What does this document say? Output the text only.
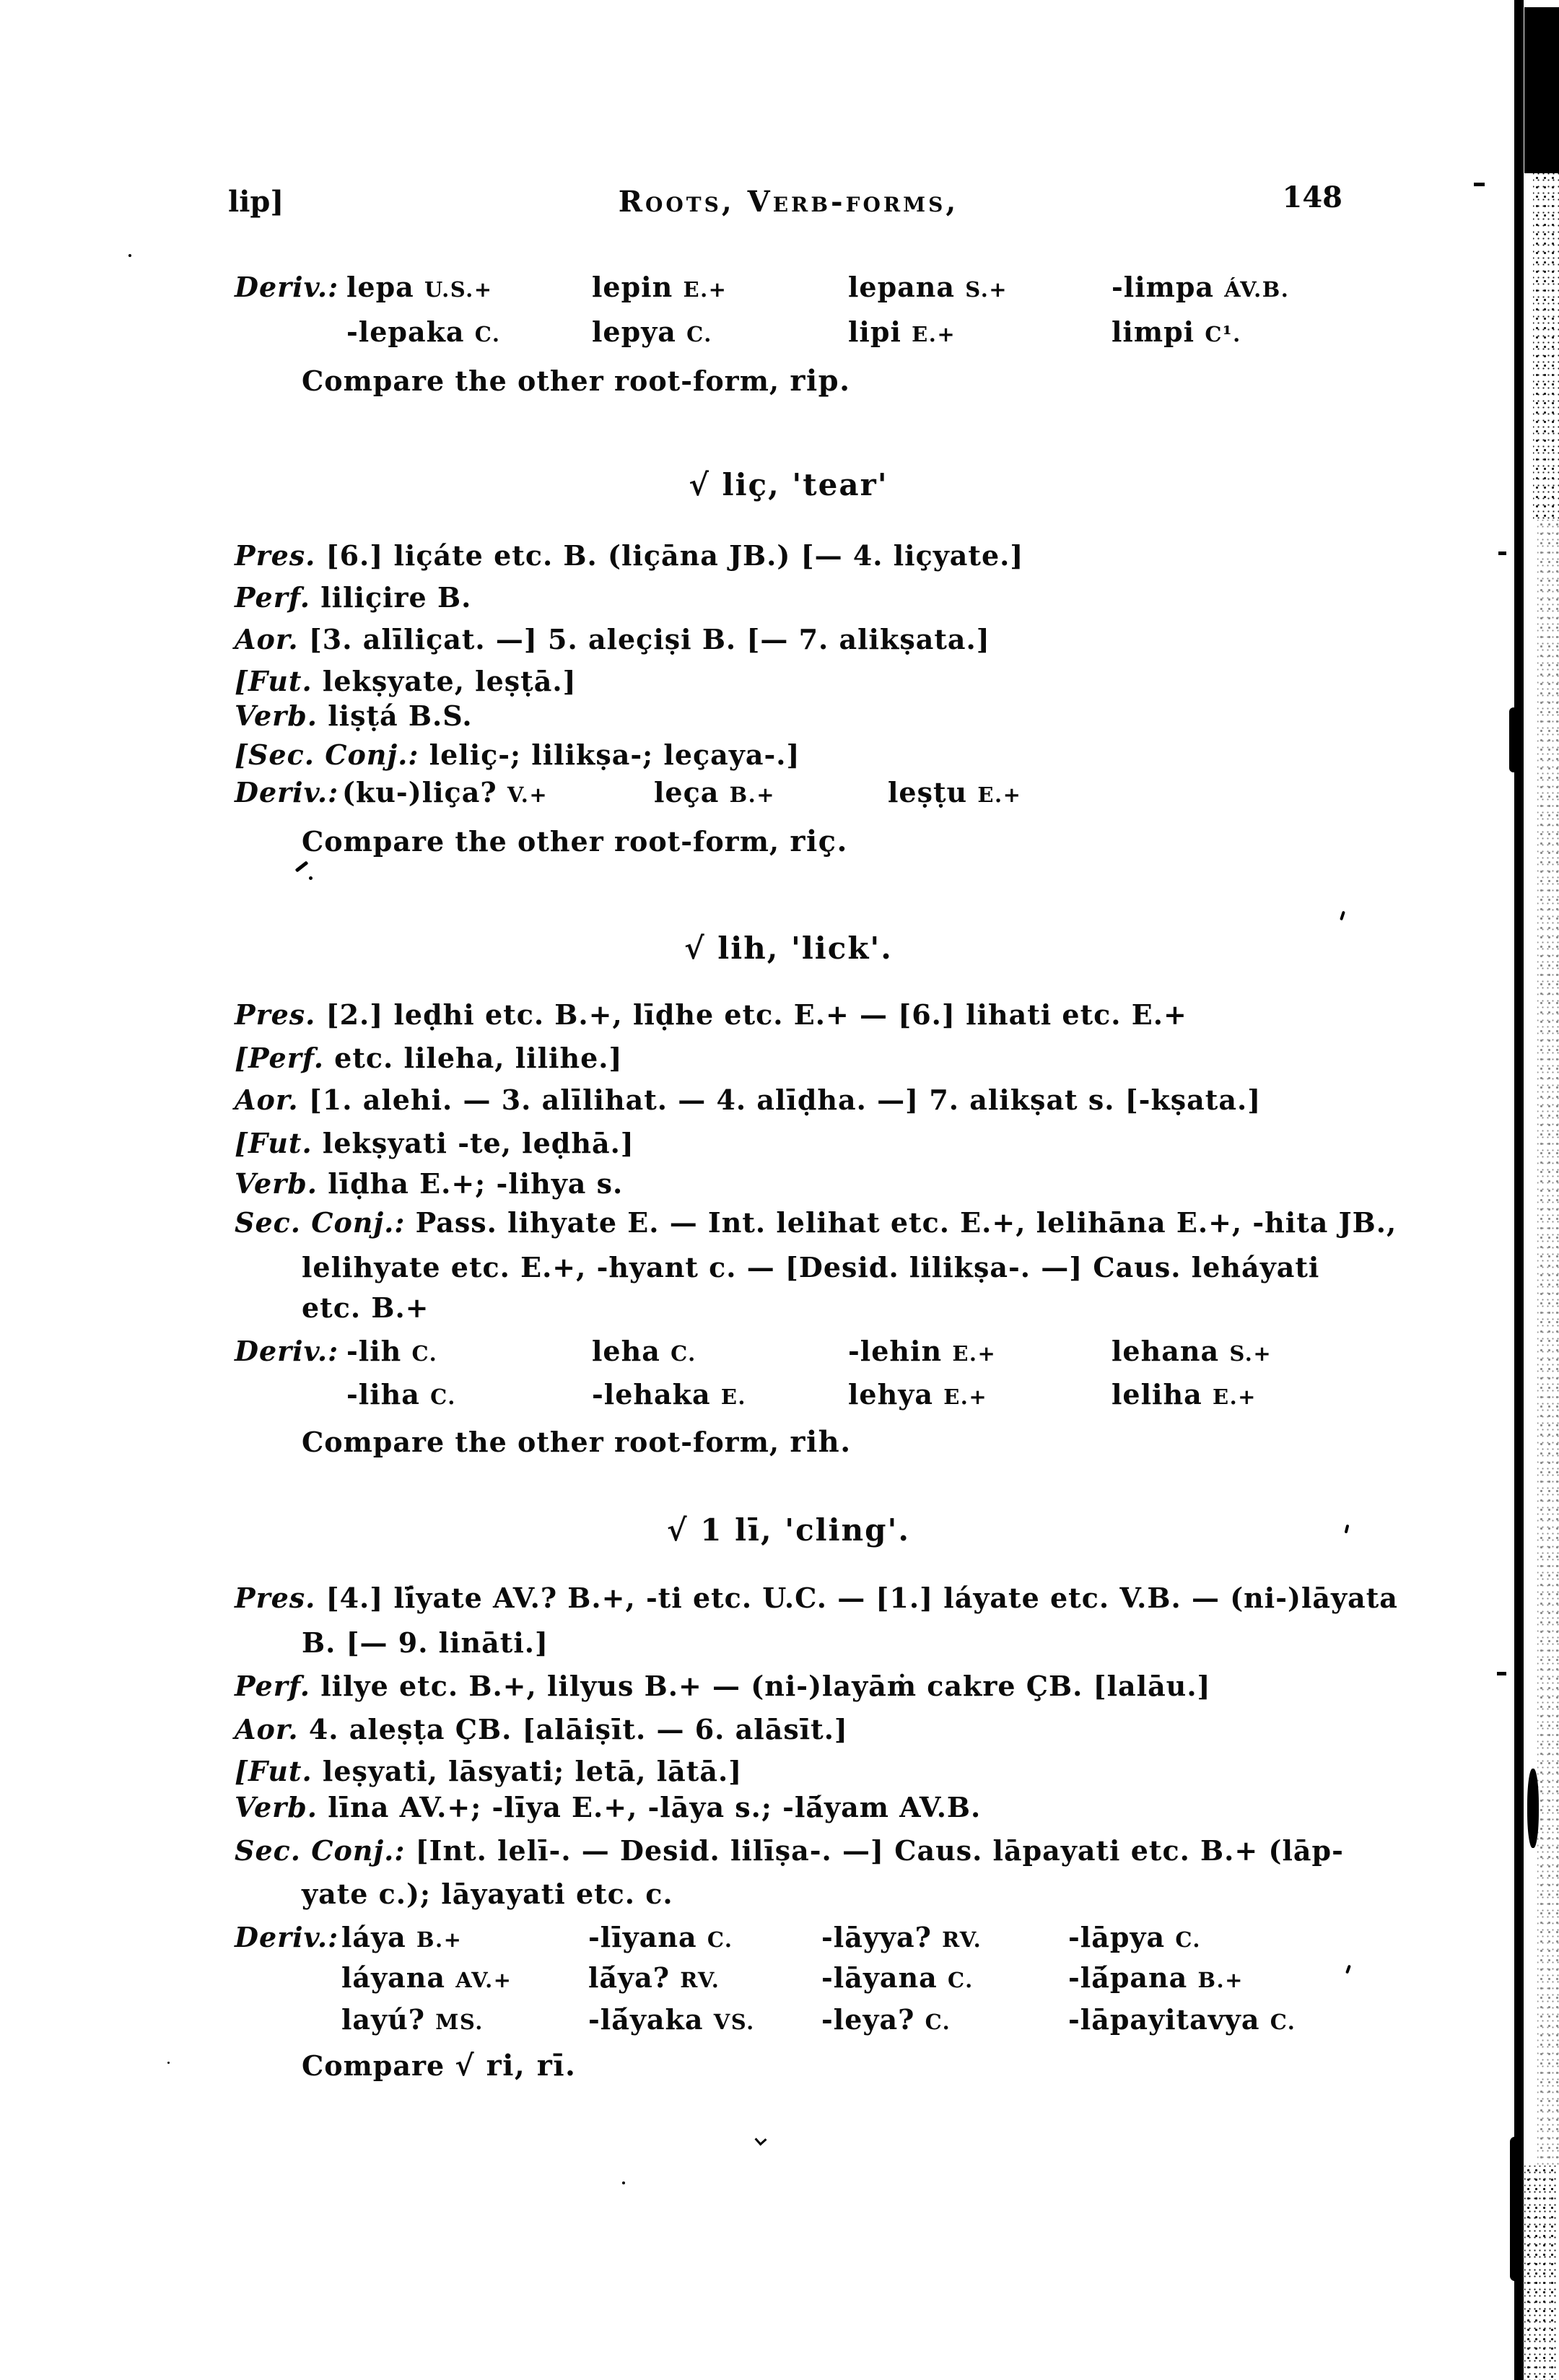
lip]	Roots, Verb-forms,	148
Deriv.: lepa U.S.+	lepin E.+	lepana S.+	-limpa ÁV.B.
-lepaka C.	lepya C.	lipi E.+	limpi C¹.
Compare the other root-form, rip.
√ liç, 'tear'
Pres. [6.] liçáte etc. B. (liçāna JB.) [— 4. liçyate.]
Perf. liliçire B.
Aor. [3. alīliçat. —] 5. aleçiṣi B. [— 7. alikṣata.]
[Fut. lekṣyate, leṣṭā.]
Verb. liṣṭá B.S.
[Sec. Conj.: leliç-; lilikṣa-; leçaya-.]
Deriv.: (ku-)liça? V.+	leça B.+	leṣṭu E.+
Compare the other root-form, riç.
√ lih, 'lick'.
Pres. [2.] leḍhi etc. B.+, līḍhe etc. E.+ — [6.] lihati etc. E.+
[Perf. etc. lileha, lilihe.]
Aor. [1. alehi. — 3. alīlihat. — 4. alīḍha. —] 7. alikṣat s. [-kṣata.]
[Fut. lekṣyati -te, leḍhā.]
Verb. līḍha E.+; -lihya s.
Sec. Conj.: Pass. lihyate E. — Int. lelihat etc. E.+, lelihāna E.+, -hita JB.,
lelihyate etc. E.+, -hyant c. — [Desid. lilikṣa-. —] Caus. leháyati
etc. B.+
Deriv.: -lih C.	leha C.	-lehin E.+	lehana S.+
-liha C.	-lehaka E.	lehya E.+	leliha E.+
Compare the other root-form, rih.
√ 1 lī, 'cling'.
Pres. [4.] lī́yate AV.? B.+, -ti etc. U.C. — [1.] láyate etc. V.B. — (ni-)lāyata
B. [— 9. lināti.]
Perf. lilye etc. B.+, lilyus B.+ — (ni-)layāṁ cakre ÇB. [lalāu.]
Aor. 4. aleṣṭa ÇB. [alāiṣīt. — 6. alāsīt.]
[Fut. leṣyati, lāsyati; letā, lātā.]
Verb. līna AV.+; -līya E.+, -lāya s.; -lā́yam AV.B.
Sec. Conj.: [Int. lelī-. — Desid. lilīṣa-. —] Caus. lāpayati etc. B.+ (lāp-
yate c.); lāyayati etc. c.
Deriv.: láya B.+	-līyana C.	-lāyya? RV.	-lāpya C.
láyana AV.+	lā́ya? RV.	-lāyana C.	-lā́pana B.+
layú? MS.	-lā́yaka VS.	-leya? C.	-lāpayitavya C.
Compare √ ri, rī.
